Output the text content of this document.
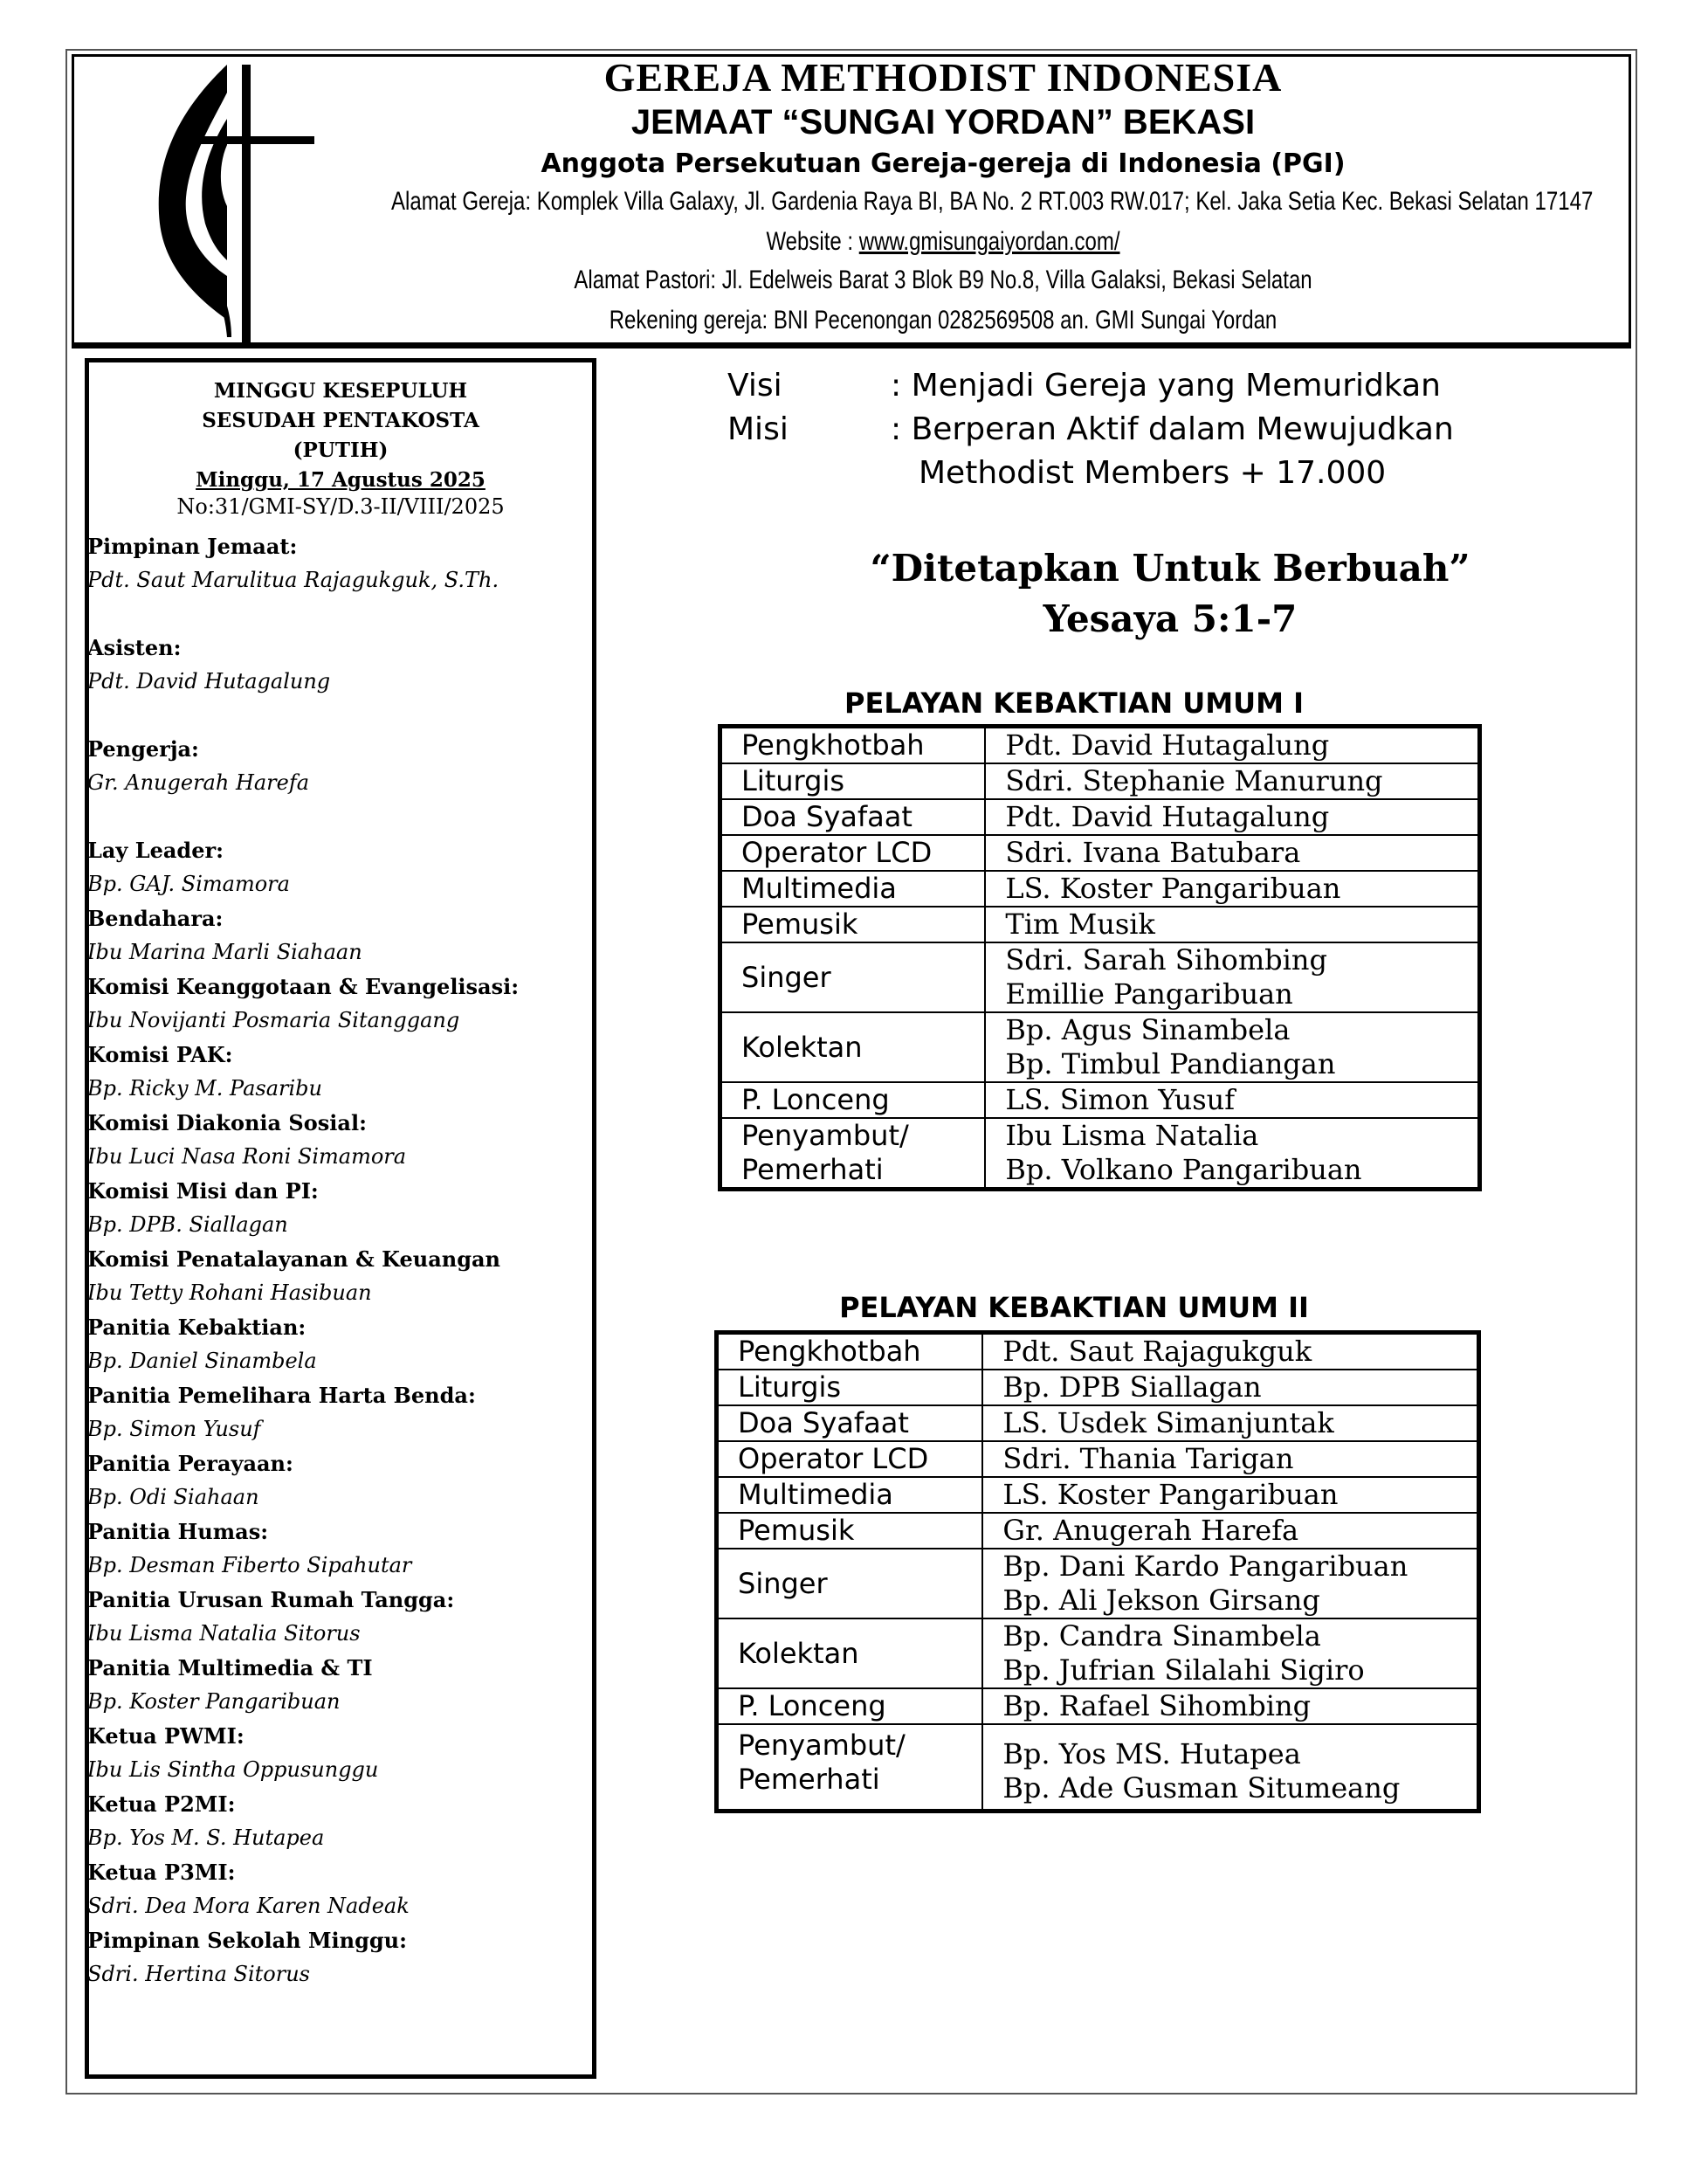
GEREJA METHODIST INDONESIA
JEMAAT “SUNGAI YORDAN” BEKASI
Anggota Persekutuan Gereja-gereja di Indonesia (PGI)
Alamat Gereja: Komplek Villa Galaxy, Jl. Gardenia Raya BI, BA No. 2 RT.003 RW.017; Kel. Jaka Setia Kec. Bekasi Selatan 17147
Website : www.gmisungaiyordan.com/
Alamat Pastori: Jl. Edelweis Barat 3 Blok B9 No.8, Villa Galaksi, Bekasi Selatan
Rekening gereja: BNI Pecenongan 0282569508 an. GMI Sungai Yordan
MINGGU KESEPULUH
SESUDAH PENTAKOSTA
(PUTIH)
Minggu, 17 Agustus 2025
No:31/GMI-SY/D.3-II/VIII/2025
Pimpinan Jemaat:
Pdt. Saut Marulitua Rajagukguk, S.Th.
Asisten:
Pdt. David Hutagalung
Pengerja:
Gr. Anugerah Harefa
Lay Leader:
Bp. GAJ. Simamora
Bendahara:
Ibu Marina Marli Siahaan
Komisi Keanggotaan & Evangelisasi:
Ibu Novijanti Posmaria Sitanggang
Komisi PAK:
Bp. Ricky M. Pasaribu
Komisi Diakonia Sosial:
Ibu Luci Nasa Roni Simamora
Komisi Misi dan PI:
Bp. DPB. Siallagan
Komisi Penatalayanan & Keuangan
Ibu Tetty Rohani Hasibuan
Panitia Kebaktian:
Bp. Daniel Sinambela
Panitia Pemelihara Harta Benda:
Bp. Simon Yusuf
Panitia Perayaan:
Bp. Odi Siahaan
Panitia Humas:
Bp. Desman Fiberto Sipahutar
Panitia Urusan Rumah Tangga:
Ibu Lisma Natalia Sitorus
Panitia Multimedia & TI
Bp. Koster Pangaribuan
Ketua PWMI:
Ibu Lis Sintha Oppusunggu
Ketua P2MI:
Bp. Yos M. S. Hutapea
Ketua P3MI:
Sdri. Dea Mora Karen Nadeak
Pimpinan Sekolah Minggu:
Sdri. Hertina Sitorus
Visi	: Menjadi Gereja yang Memuridkan
Misi	: Berperan Aktif dalam Mewujudkan
Methodist Members + 17.000
“Ditetapkan Untuk Berbuah”
Yesaya 5:1-7
PELAYAN KEBAKTIAN UMUM I
Pengkhotbah	Pdt. David Hutagalung

Liturgis	Sdri. Stephanie Manurung

Doa Syafaat	Pdt. David Hutagalung

Operator LCD	Sdri. Ivana Batubara

Multimedia	LS. Koster Pangaribuan

Pemusik	Tim Musik

Singer	Sdri. Sarah Sihombing
Emillie Pangaribuan

Kolektan	Bp. Agus Sinambela
Bp. Timbul Pandiangan

P. Lonceng	LS. Simon Yusuf

Penyambut/
Pemerhati	Ibu Lisma Natalia
Bp. Volkano Pangaribuan
PELAYAN KEBAKTIAN UMUM II
Pengkhotbah	Pdt. Saut Rajagukguk

Liturgis	Bp. DPB Siallagan

Doa Syafaat	LS. Usdek Simanjuntak

Operator LCD	Sdri. Thania Tarigan

Multimedia	LS. Koster Pangaribuan

Pemusik	Gr. Anugerah Harefa

Singer	Bp. Dani Kardo Pangaribuan
Bp. Ali Jekson Girsang

Kolektan	Bp. Candra Sinambela
Bp. Jufrian Silalahi Sigiro

P. Lonceng	Bp. Rafael Sihombing

Penyambut/
Pemerhati	Bp. Yos MS. Hutapea
Bp. Ade Gusman Situmeang
